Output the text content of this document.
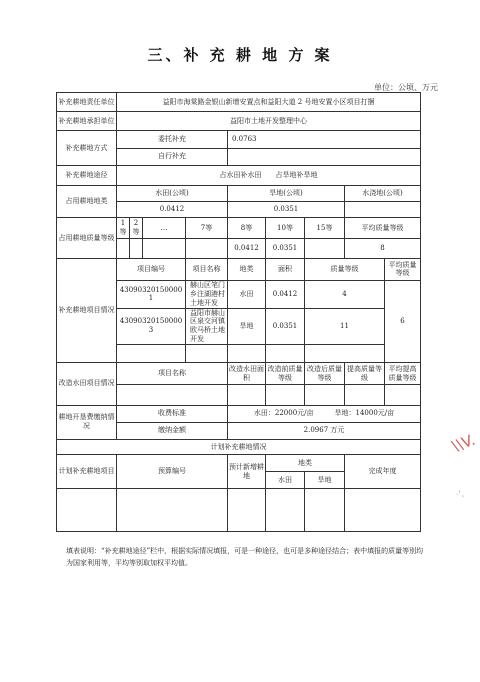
三、补 充 耕 地 方 案
单位：公顷、万元
补充耕地责任单位	益阳市海棠路金银山新增安置点和益阳大道 2 号地安置小区项目打捆								
补充耕地承担单位	益阳市土地开发整理中心								
补充耕地方式	委托补充				0.0763				
	自行补充								
补充耕地途径	占水田补水田　　占旱地补旱地								
占用耕地地类	水田(公顷)				旱地(公顷)			水浇地(公顷)	
	0.0412				0.0351				
占用耕地质量等级	1等	2等	…	7等	8等	10等	15等	平均质量等级	
					0.0412	0.0351		8	
补充耕地项目情况	项目编号			项目名称	地类	面积	质量等级		平均质量等级
	430903201500001			赫山区笔门乡注湖港村土地开发	水田	0.0412	4		6
	430903201500003			益阳市赫山区泉交河镇欧马桥土地开发	旱地	0.0351	11		

改造水田项目情况	项目名称				改造水田面积	改造前质量等级	改造后质量等级	提高质量等级	平均提高质量等级

耕地开垦费缴纳情况	收费标准				水田：22000元/亩　　　旱地：14000元/亩				
	缴纳金额				2.0967 万元				
计划补充耕地情况									
计划补充耕地项目	预算编号				预计新增耕地	地类		完成年度	
						水田	旱地		

填表说明：“补充耕地途径”栏中，根据实际情况填报，可是一种途径，也可是多种途径结合；表中填报的质量等别均为国家利用等，平均等别取加权平均值。
\\V.
·',
